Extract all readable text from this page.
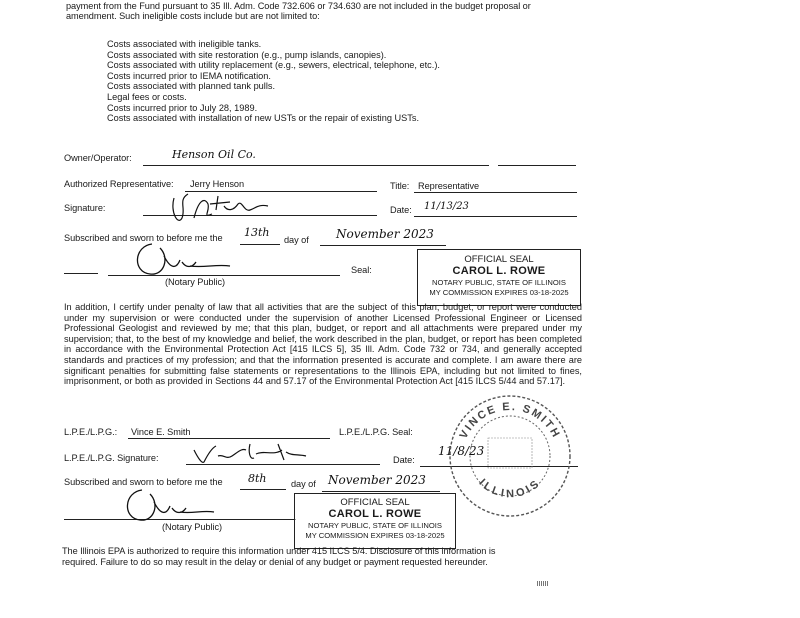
payment from the Fund pursuant to 35 Ill. Adm. Code 732.606 or 734.630 are not included in the budget proposal or
amendment. Such ineligible costs include but are not limited to:
Costs associated with ineligible tanks.
Costs associated with site restoration (e.g., pump islands, canopies).
Costs associated with utility replacement (e.g., sewers, electrical, telephone, etc.).
Costs incurred prior to IEMA notification.
Costs associated with planned tank pulls.
Legal fees or costs.
Costs incurred prior to July 28, 1989.
Costs associated with installation of new USTs or the repair of existing USTs.
Owner/Operator:	Henson Oil Co.
Authorized Representative: Jerry Henson	Title: Representative
Signature:	Date: 11/13/23
Subscribed and sworn to before me the 13th
day of November 2023
(Notary Public)
Seal:
OFFICIAL SEAL
CAROL L. ROWE
NOTARY PUBLIC, STATE OF ILLINOIS
MY COMMISSION EXPIRES 03-18-2025
In addition, I certify under penalty of law that all activities that are the subject of this plan, budget, or report were conducted under my supervision or were conducted under the supervision of another Licensed Professional Engineer or Licensed Professional Geologist and reviewed by me; that this plan, budget, or report and all attachments were prepared under my supervision; that, to the best of my knowledge and belief, the work described in the plan, budget, or report has been completed in accordance with the Environmental Protection Act [415 ILCS 5], 35 Ill. Adm. Code 732 or 734, and generally accepted standards and practices of my profession; and that the information presented is accurate and complete. I am aware there are significant penalties for submitting false statements or representations to the Illinois EPA, including but not limited to fines, imprisonment, or both as provided in Sections 44 and 57.17 of the Environmental Protection Act [415 ILCS 5/44 and 57.17].
L.P.E./L.P.G.: Vince E. Smith	L.P.E./L.P.G. Seal:
L.P.E./L.P.G. Signature:	Date:
11/8/23
VINCE E. SMITH
ILLINOIS
Subscribed and sworn to before me the 8th	day of November 2023
(Notary Public)
OFFICIAL SEAL
CAROL L. ROWE
NOTARY PUBLIC, STATE OF ILLINOIS
MY COMMISSION EXPIRES 03-18-2025
The Illinois EPA is authorized to require this information under 415 ILCS 5/4. Disclosure of this information is
required. Failure to do so may result in the delay or denial of any budget or payment requested hereunder.
